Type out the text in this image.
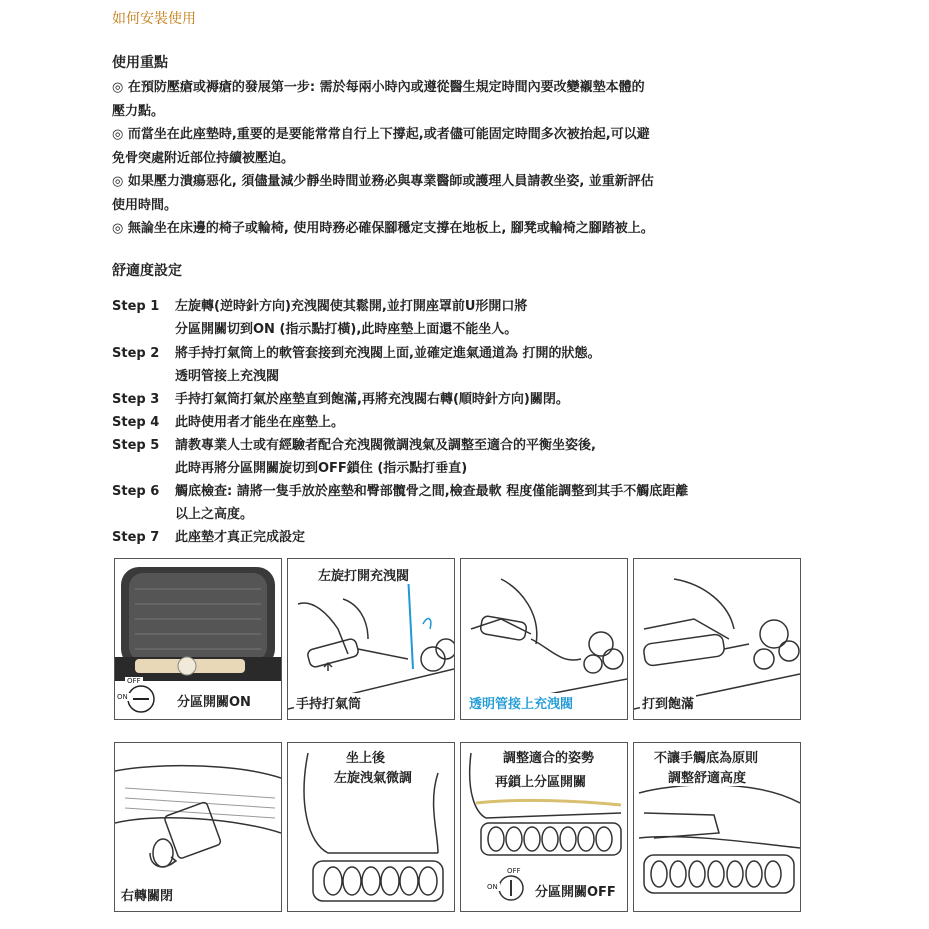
如何安裝使用
使用重點
◎ 在預防壓瘡或褥瘡的發展第一步: 需於每兩小時內或遵從醫生規定時間內要改變襯墊本體的
壓力點。
◎ 而當坐在此座墊時,重要的是要能常常自行上下撐起,或者儘可能固定時間多次被抬起,可以避
免骨突處附近部位持續被壓迫。
◎ 如果壓力潰瘍惡化, 須儘量減少靜坐時間並務必與專業醫師或護理人員請教坐姿, 並重新評估
使用時間。
◎ 無論坐在床邊的椅子或輪椅, 使用時務必確保腳穩定支撐在地板上, 腳凳或輪椅之腳踏被上。
舒適度設定
Step 1 左旋轉(逆時針方向)充洩閥使其鬆開,並打開座罩前U形開口將
分區開關切到ON (指示點打橫),此時座墊上面還不能坐人。
Step 2 將手持打氣筒上的軟管套接到充洩閥上面,並確定進氣通道為 打開的狀態。
透明管接上充洩閥
Step 3 手持打氣筒打氣於座墊直到飽滿,再將充洩閥右轉(順時針方向)關閉。
Step 4 此時使用者才能坐在座墊上。
Step 5 請教專業人士或有經驗者配合充洩閥微調洩氣及調整至適合的平衡坐姿後,
此時再將分區開關旋切到OFF鎖住 (指示點打垂直)
Step 6 觸底檢查: 請將一隻手放於座墊和臀部髖骨之間,檢查最軟 程度僅能調整到其手不觸底距離
以上之高度。
Step 7 此座墊才真正完成設定
OFF
ON	分區開關ON
左旋打開充洩閥
手持打氣筒	透明管接上充洩閥	打到飽滿
右轉關閉
坐上後
左旋洩氣微調
調整適合的姿勢
再鎖上分區開關
OFF
ON	分區開關OFF
不讓手觸底為原則
調整舒適高度
